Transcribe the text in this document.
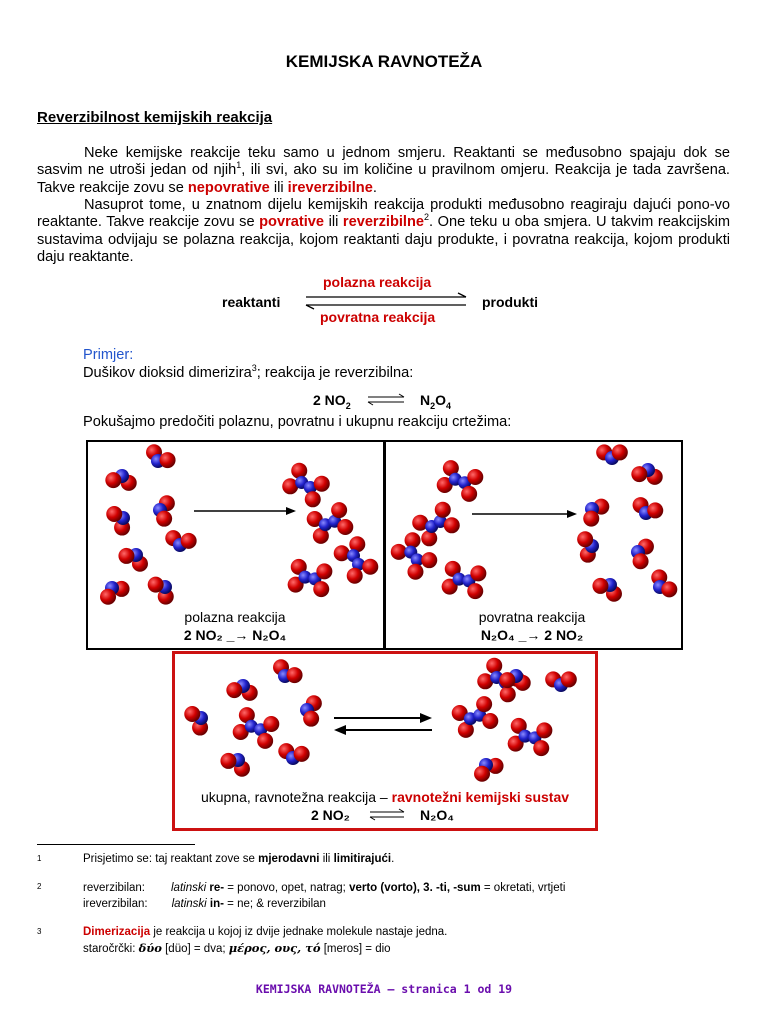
KEMIJSKA RAVNOTEŽA
Reverzibilnost kemijskih reakcija

Neke kemijske reakcije teku samo u jednom smjeru. Reaktanti se međusobno spajaju dok se sasvim ne utroši jedan od njih$^1$, ili svi, ako su im količine u pravilnom omjeru. Reakcija je tada završena. Takve reakcije zovu se nepovrative ili ireverzibilne.

Nasuprot tome, u znatnom dijelu kemijskih reakcija produkti međusobno reagiraju dajući pono-vo reaktante. Takve reakcije zovu se povrative ili reverzibilne$^2$. One teku u oba smjera. U takvim reakcijskim sustavima odvijaju se polazna reakcija, kojom reaktanti daju produkte, i povratna reakcija, kojom produkti daju reaktante.

reaktanti	produkti
polazna reakcija
povratna reakcija
Primjer:
Dušikov dioksid dimerizira$^3$; reakcija je reverzibilna:
2 $NO_2$	$N_2O_4$
Pokušajmo predočiti polaznu, povratnu i ukupnu reakciju crtežima:
polazna reakcija
2 NO₂ _→ N₂O₄
povratna reakcija
N₂O₄ _→ 2 NO₂
ukupna, ravnotežna reakcija – ravnotežni kemijski sustav
2 NO₂	N₂O₄
1	Prisjetimo se: taj reaktant zove se mjerodavni ili limitirajući.
2	reverzibilan: latinski re- = ponovo, opet, natrag; verto (vorto), 3. -ti, -sum = okretati, vrtjeti
ireverzibilan: latinski in- = ne; & reverzibilan
3	Dimerizacija je reakcija u kojoj iz dvije jednake molekule nastaje jedna.
staročrčki: δύο [düo] = dva; μέρος, ους, τό [meros] = dio
KEMIJSKA RAVNOTEŽA – stranica 1 od 19
